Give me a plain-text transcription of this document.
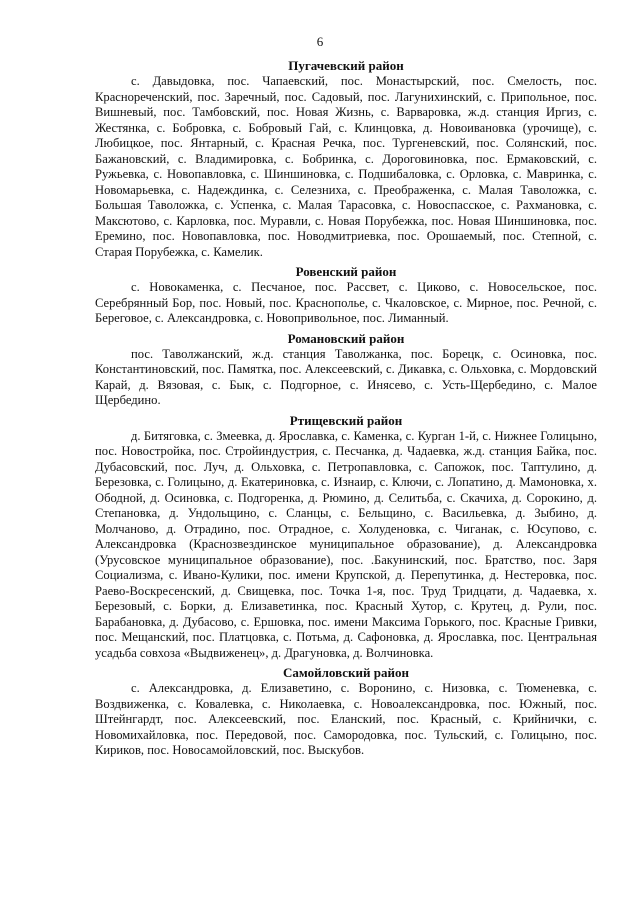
6

Пугачевский район

с. Давыдовка, пос. Чапаевский, пос. Монастырский, пос. Смелость, пос. Краснореченский, пос. Заречный, пос. Садовый, пос. Лагунихинский, с. Припольное, пос. Вишневый, пос. Тамбовский, пос. Новая Жизнь, с. Варваровка, ж.д. станция Иргиз, с. Жестянка, с. Бобровка, с. Бобровый Гай, с. Клинцовка, д. Новоивановка (урочище), с. Любицкое, пос. Янтарный, с. Красная Речка, пос. Тургеневский, пос. Солянский, пос. Бажановский, с. Владимировка, с. Бобринка, с. Дороговиновка, пос. Ермаковский, с. Ружьевка, с. Новопавловка, с. Шиншиновка, с. Подшибаловка, с. Орловка, с. Мавринка, с. Новомарьевка, с. Надеждинка, с. Селезниха, с. Преображенка, с. Малая Таволожка, с. Большая Таволожка, с. Успенка, с. Малая Тарасовка, с. Новоспасское, с. Рахмановка, с. Максютово, с. Карловка, пос. Муравли, с. Новая Порубежка, пос. Новая Шиншиновка, пос. Еремино, пос. Новопавловка, пос. Новодмитриевка, пос. Орошаемый, пос. Степной, с. Старая Порубежка, с. Камелик.

Ровенский район

с. Новокаменка, с. Песчаное, пос. Рассвет, с. Циково, с. Новосельское, пос. Серебрянный Бор, пос. Новый, пос. Краснополье, с. Чкаловское, с. Мирное, пос. Речной, с. Береговое, с. Александровка, с. Новопривольное, пос. Лиманный.

Романовский район

пос. Таволжанский, ж.д. станция Таволжанка, пос. Борецк, с. Осиновка, пос. Константиновский, пос. Памятка, пос. Алексеевский, с. Дикавка, с. Ольховка, с. Мордовский Карай, д. Вязовая, с. Бык, с. Подгорное, с. Инясево, с. Усть-Щербедино, с. Малое Щербедино.

Ртищевский район

д. Битяговка, с. Змеевка, д. Ярославка, с. Каменка, с. Курган 1-й, с. Нижнее Голицыно, пос. Новостройка, пос. Стройиндустрия, с. Песчанка, д. Чадаевка, ж.д. станция Байка, пос. Дубасовский, пос. Луч, д. Ольховка, с. Петропавловка, с. Сапожок, пос. Таптулино, д. Березовка, с. Голицыно, д. Екатериновка, с. Изнаир, с. Ключи, с. Лопатино, д. Мамоновка, х. Ободной, д. Осиновка, с. Подгоренка, д. Рюмино, д. Селитьба, с. Скачиха, д. Сорокино, д. Степановка, д. Ундольщино, с. Сланцы, с. Бельщино, с. Васильевка, д. Зыбино, д. Молчаново, д. Отрадино, пос. Отрадное, с. Холуденовка, с. Чиганак, с. Юсупово, с. Александровка (Краснозвездинское муниципальное образование), д. Александровка (Урусовское муниципальное образование), пос. .Бакунинский, пос. Братство, пос. Заря Социализма, с. Ивано-Кулики, пос. имени Крупской, д. Перепутинка, д. Нестеровка, пос. Раево-Воскресенский, д. Свищевка, пос. Точка 1-я, пос. Труд Тридцати, д. Чадаевка, х. Березовый, с. Борки, д. Елизаветинка, пос. Красный Хутор, с. Крутец, д. Рули, пос. Барабановка, д. Дубасово, с. Ершовка, пос. имени Максима Горького, пос. Красные Гривки, пос. Мещанский, пос. Платцовка, с. Потьма, д. Сафоновка, д. Ярославка, пос. Центральная усадьба совхоза «Выдвиженец», д. Драгуновка, д. Волчиновка.

Самойловский район

с. Александровка, д. Елизаветино, с. Воронино, с. Низовка, с. Тюменевка, с. Воздвиженка, с. Ковалевка, с. Николаевка, с. Новоалександровка, пос. Южный, пос. Штейнгардт, пос. Алексеевский, пос. Еланский, пос. Красный, с. Крийнички, с. Новомихайловка, пос. Передовой, пос. Самородовка, пос. Тульский, с. Голицыно, пос. Кириков, пос. Новосамойловский, пос. Выскубов.
